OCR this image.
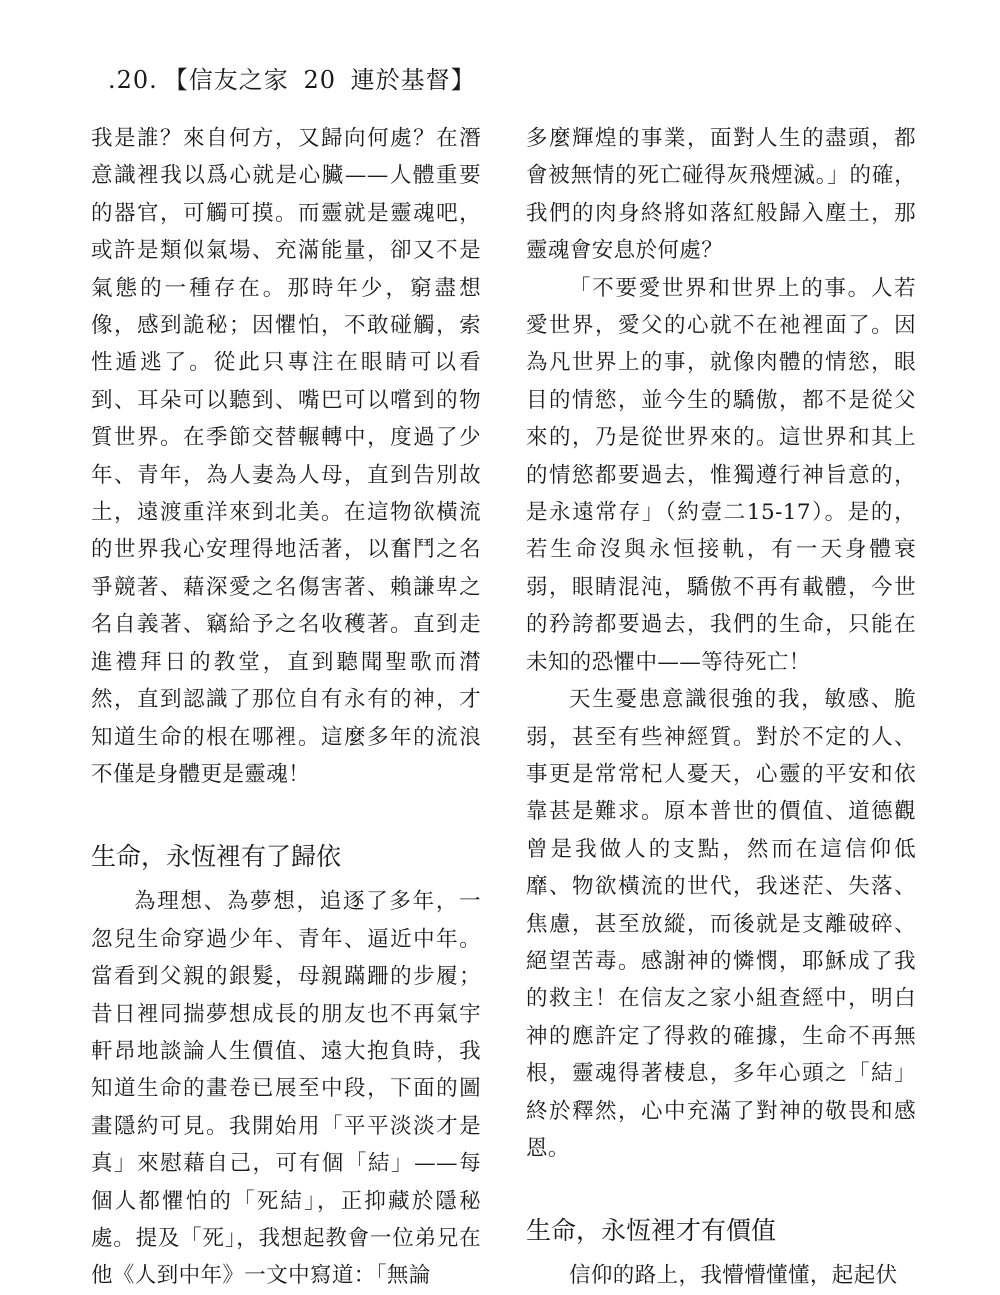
.20. 【信友之家 20 連於基督】

我是誰？來自何方，又歸向何處？在潛意識裡我以爲心就是心臟——人體重要的器官，可觸可摸。而靈就是靈魂吧，或許是類似氣場、充滿能量，卻又不是氣態的一種存在。那時年少，窮盡想像，感到詭秘；因懼怕，不敢碰觸，索性遁逃了。從此只專注在眼睛可以看到、耳朵可以聽到、嘴巴可以嚐到的物質世界。在季節交替輾轉中，度過了少年、青年，為人妻為人母，直到告別故土，遠渡重洋來到北美。在這物欲橫流的世界我心安理得地活著，以奮鬥之名爭競著、藉深愛之名傷害著、賴謙卑之名自義著、竊給予之名收穫著。直到走進禮拜日的教堂，直到聽聞聖歌而潸然，直到認識了那位自有永有的神，才知道生命的根在哪裡。這麼多年的流浪不僅是身體更是靈魂！

生命，永恆裡有了歸依

為理想、為夢想，追逐了多年，一忽兒生命穿過少年、青年、逼近中年。當看到父親的銀髮，母親蹣跚的步履；昔日裡同揣夢想成長的朋友也不再氣宇軒昂地談論人生價值、遠大抱負時，我知道生命的畫卷已展至中段，下面的圖畫隱約可見。我開始用「平平淡淡才是真」來慰藉自己，可有個「結」——每個人都懼怕的「死結」，正抑藏於隱秘處。提及「死」，我想起教會一位弟兄在他《人到中年》一文中寫道：「無論

多麼輝煌的事業，面對人生的盡頭，都會被無情的死亡碰得灰飛煙滅。」的確，我們的肉身終將如落紅般歸入塵土，那靈魂會安息於何處？

「不要愛世界和世界上的事。人若愛世界，愛父的心就不在祂裡面了。因為凡世界上的事，就像肉體的情慾，眼目的情慾，並今生的驕傲，都不是從父來的，乃是從世界來的。這世界和其上的情慾都要過去，惟獨遵行神旨意的，是永遠常存」（約壹二15-17）。是的，若生命沒與永恒接軌，有一天身體衰弱，眼睛混沌，驕傲不再有載體，今世的矜誇都要過去，我們的生命，只能在未知的恐懼中——等待死亡！

天生憂患意識很強的我，敏感、脆弱，甚至有些神經質。對於不定的人、事更是常常杞人憂天，心靈的平安和依靠甚是難求。原本普世的價值、道德觀曾是我做人的支點，然而在這信仰低靡、物欲橫流的世代，我迷茫、失落、焦慮，甚至放縱，而後就是支離破碎、絕望苦毒。感謝神的憐憫，耶穌成了我的救主！在信友之家小組查經中，明白神的應許定了得救的確據，生命不再無根，靈魂得著棲息，多年心頭之「結」終於釋然，心中充滿了對神的敬畏和感恩。

生命，永恆裡才有價值

信仰的路上，我懵懵懂懂，起起伏
